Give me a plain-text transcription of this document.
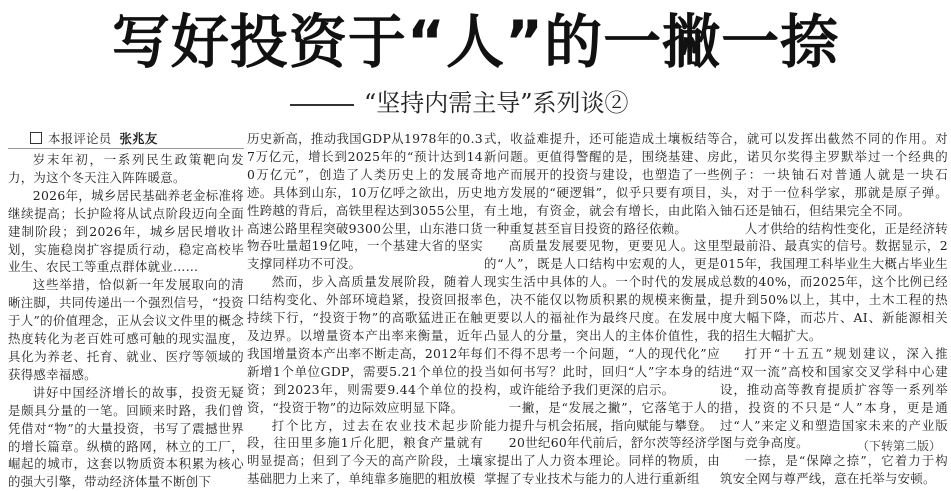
写好投资于“人”的一撇一捺
“坚持内需主导”系列谈②
本报评论员 张兆友

岁末年初，一系列民生政策靶向发力，为这个冬天注入阵阵暖意。

2026年，城乡居民基础养老金标准将继续提高；长护险将从试点阶段迈向全面建制阶段；到2026年，城乡居民增收计划，实施稳岗扩容提质行动，稳定高校毕业生、农民工等重点群体就业……

这些举措，恰似新一年发展取向的清晰注脚，共同传递出一个强烈信号，“投资于人”的价值理念，正从会议文件里的概念热度转化为老百姓可感可触的现实温度，具化为养老、托育、就业、医疗等领域的获得感幸福感。

讲好中国经济增长的故事，投资无疑是颇具分量的一笔。回顾来时路，我们曾凭借对“物”的大量投资，书写了震撼世界的增长篇章。纵横的路网，林立的工厂，崛起的城市，这套以物质资本积累为核心的强大引擎，带动经济体量不断创下

历史新高，推动我国GDP从1978年的0.37万亿元，增长到2025年的“预计达到140万亿元”，创造了人类历史上的发展奇迹。具体到山东，10万亿呼之欲出，历史性跨越的背后，高铁里程达到3055公里，高速公路里程突破9300公里，山东港口货物吞吐量超19亿吨，一个基建大省的坚实支撑同样功不可没。

然而，步入高质量发展阶段，随着人口结构变化、外部环境趋紧，投资回报率持续下行，“投资于物”的高歌猛进正在触及边界。以增量资本产出率来衡量，近年我国增量资本产出率不断走高，2012年每新增1个单位GDP，需要5.21个单位的投资；到2023年，则需要9.44个单位的投资，“投资于物”的边际效应明显下降。

打个比方，过去在农业技术起步阶段，往田里多施1斤化肥，粮食产量就有明显提高；但到了今天的高产阶段，土壤基础肥力上来了，单纯靠多施肥的粗放模

式，收益难提升，还可能造成土壤板结等新问题。更值得警醒的是，围绕基建、房地产而展开的投资与建设，也塑造了一些地方发展的“硬逻辑”，似乎只要有项目，有土地，有资金，就会有增长，由此陷入一种重复甚至盲目投资的路径依赖。

高质量发展要见物，更要见人。这里的“人”，既是人口结构中宏观的人，更是现实生活中具体的人。一个时代的发展成色，决不能仅以物质积累的规模来衡量，更要以人的福祉作为最终尺度。在发展中凸显人的分量，突出人的主体价值性，我们不得不思考一个问题，“人的现代化”应当如何书写？此时，回归“人”字本身的结构，或许能给予我们更深的启示。

一撇，是“发展之撇”，它落笔于人的能力提升与机会拓展，指向赋能与攀登。

20世纪60年代前后，舒尔茨等经济学家提出了人力资本理论。同样的物质，由掌握了专业技术与能力的人进行重新组

合，就可以发挥出截然不同的作用。对此，诺贝尔奖得主罗默举过一个经典的例子：一块铀石对普通人就是一块石头，对于一位科学家，那就是原子弹。铀石还是铀石，但结果完全不同。

人才供给的结构性变化，正是经济转型最前沿、最真实的信号。数据显示，2015年，我国理工科毕业生大概占毕业生总数的40%，而2025年，这个比例已经提升到50%以上，其中，土木工程的热度大幅下降，而芯片、AI、新能源相关的招生大幅扩大。

打开“十五五”规划建议，深入推进“双一流”高校和国家交叉学科中心建设，推动高等教育提质扩容等一系列举措，投资的不只是“人”本身，更是通过“人”来定义和塑造国家未来的产业版图与竞争高度。

一捺，是“保障之捺”，它着力于构筑安全网与尊严线，意在托举与安顿。

（下转第二版）
